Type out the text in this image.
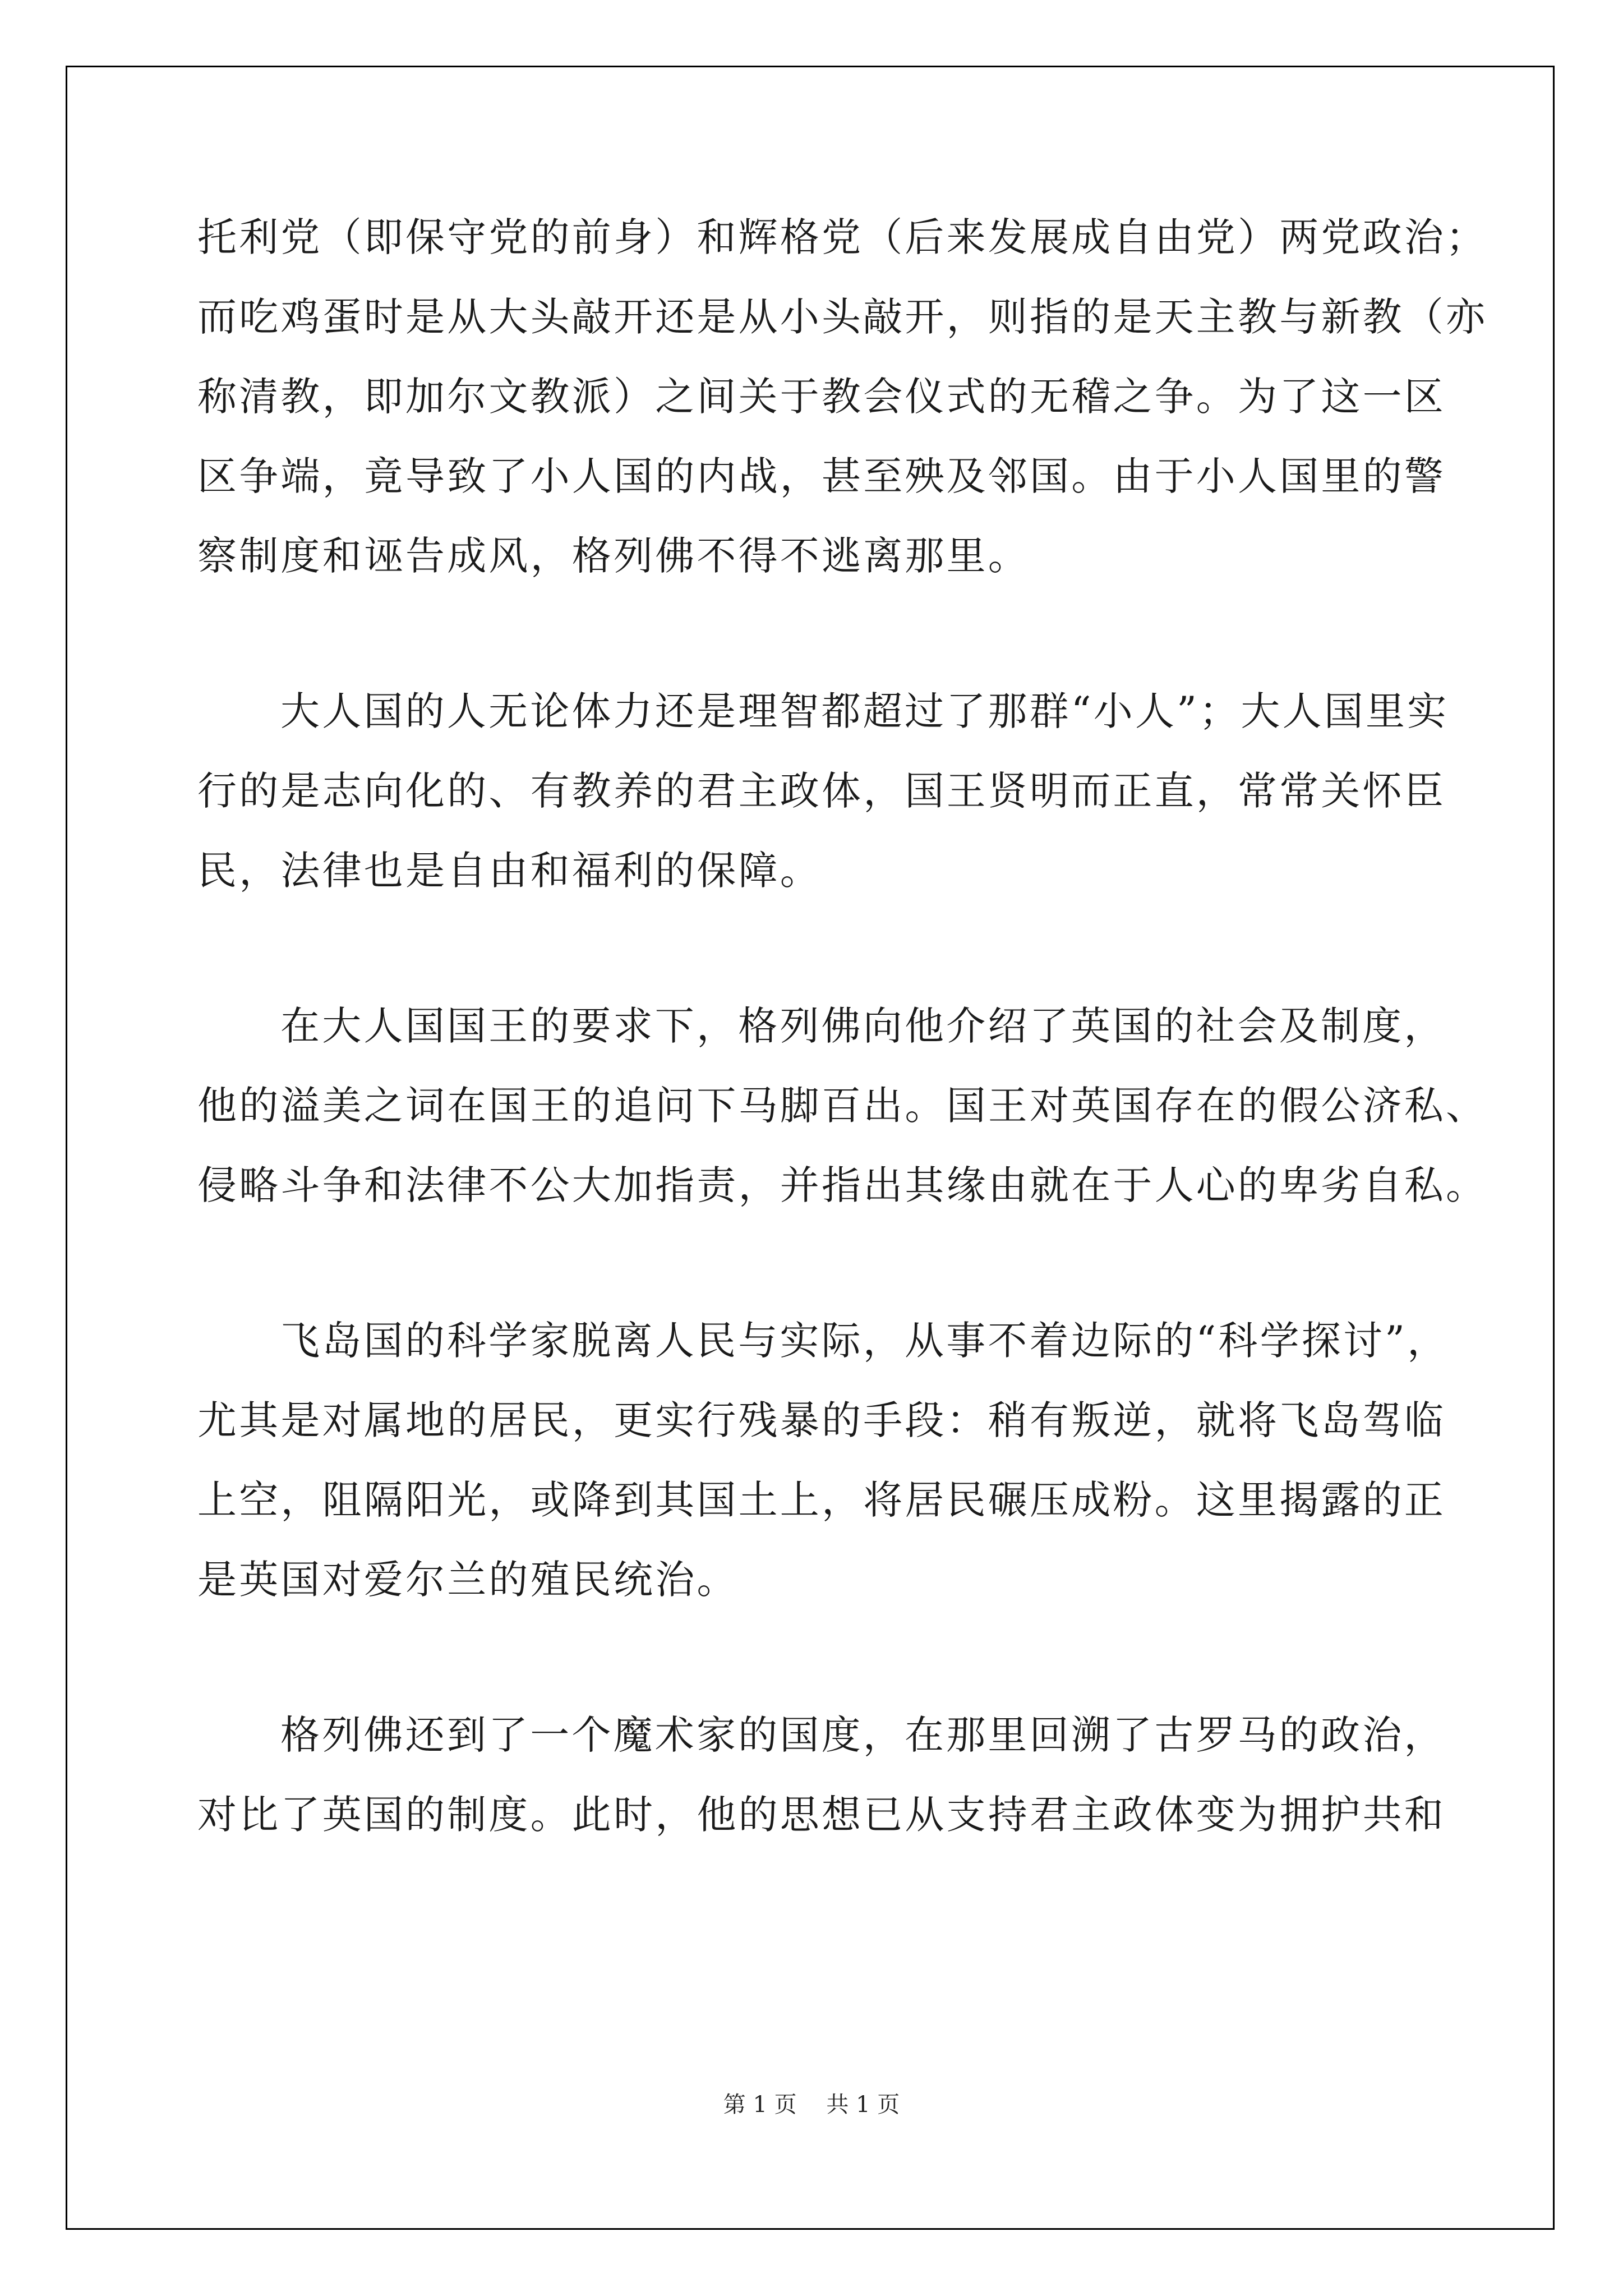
托利党（即保守党的前身）和辉格党（后来发展成自由党）两党政治；
而吃鸡蛋时是从大头敲开还是从小头敲开，则指的是天主教与新教（亦
称清教，即加尔文教派）之间关于教会仪式的无稽之争。为了这一区
区争端，竟导致了小人国的内战，甚至殃及邻国。由于小人国里的警
察制度和诬告成风，格列佛不得不逃离那里。
大人国的人无论体力还是理智都超过了那群“小人”；大人国里实
行的是志向化的、有教养的君主政体，国王贤明而正直，常常关怀臣
民，法律也是自由和福利的保障。
在大人国国王的要求下，格列佛向他介绍了英国的社会及制度，
他的溢美之词在国王的追问下马脚百出。国王对英国存在的假公济私、
侵略斗争和法律不公大加指责，并指出其缘由就在于人心的卑劣自私。
飞岛国的科学家脱离人民与实际，从事不着边际的“科学探讨”，
尤其是对属地的居民，更实行残暴的手段：稍有叛逆，就将飞岛驾临
上空，阻隔阳光，或降到其国土上，将居民碾压成粉。这里揭露的正
是英国对爱尔兰的殖民统治。
格列佛还到了一个魔术家的国度，在那里回溯了古罗马的政治，
对比了英国的制度。此时，他的思想已从支持君主政体变为拥护共和
第 1 页 共 1 页
